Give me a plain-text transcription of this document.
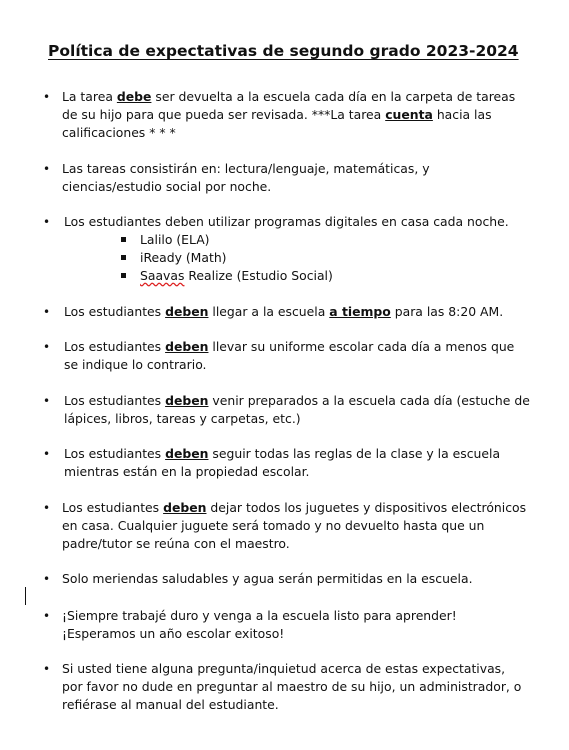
Política de expectativas de segundo grado 2023-2024
• La tarea debe ser devuelta a la escuela cada día en la carpeta de tareas de su hijo para que pueda ser revisada. ***La tarea cuenta hacia las calificaciones * * *
• Las tareas consistirán en: lectura/lenguaje, matemáticas, y ciencias/estudio social por noche.
• Los estudiantes deben utilizar programas digitales en casa cada noche.
Lalilo (ELA)
iReady (Math)
Saavas Realize (Estudio Social)
• Los estudiantes deben llegar a la escuela a tiempo para las 8:20 AM.
• Los estudiantes deben llevar su uniforme escolar cada día a menos que se indique lo contrario.
• Los estudiantes deben venir preparados a la escuela cada día (estuche de lápices, libros, tareas y carpetas, etc.)
• Los estudiantes deben seguir todas las reglas de la clase y la escuela mientras están en la propiedad escolar.
• Los estudiantes deben dejar todos los juguetes y dispositivos electrónicos en casa. Cualquier juguete será tomado y no devuelto hasta que un padre/tutor se reúna con el maestro.
• Solo meriendas saludables y agua serán permitidas en la escuela.
• ¡Siempre trabajé duro y venga a la escuela listo para aprender! ¡Esperamos un año escolar exitoso!
• Si usted tiene alguna pregunta/inquietud acerca de estas expectativas, por favor no dude en preguntar al maestro de su hijo, un administrador, o refiérase al manual del estudiante.
